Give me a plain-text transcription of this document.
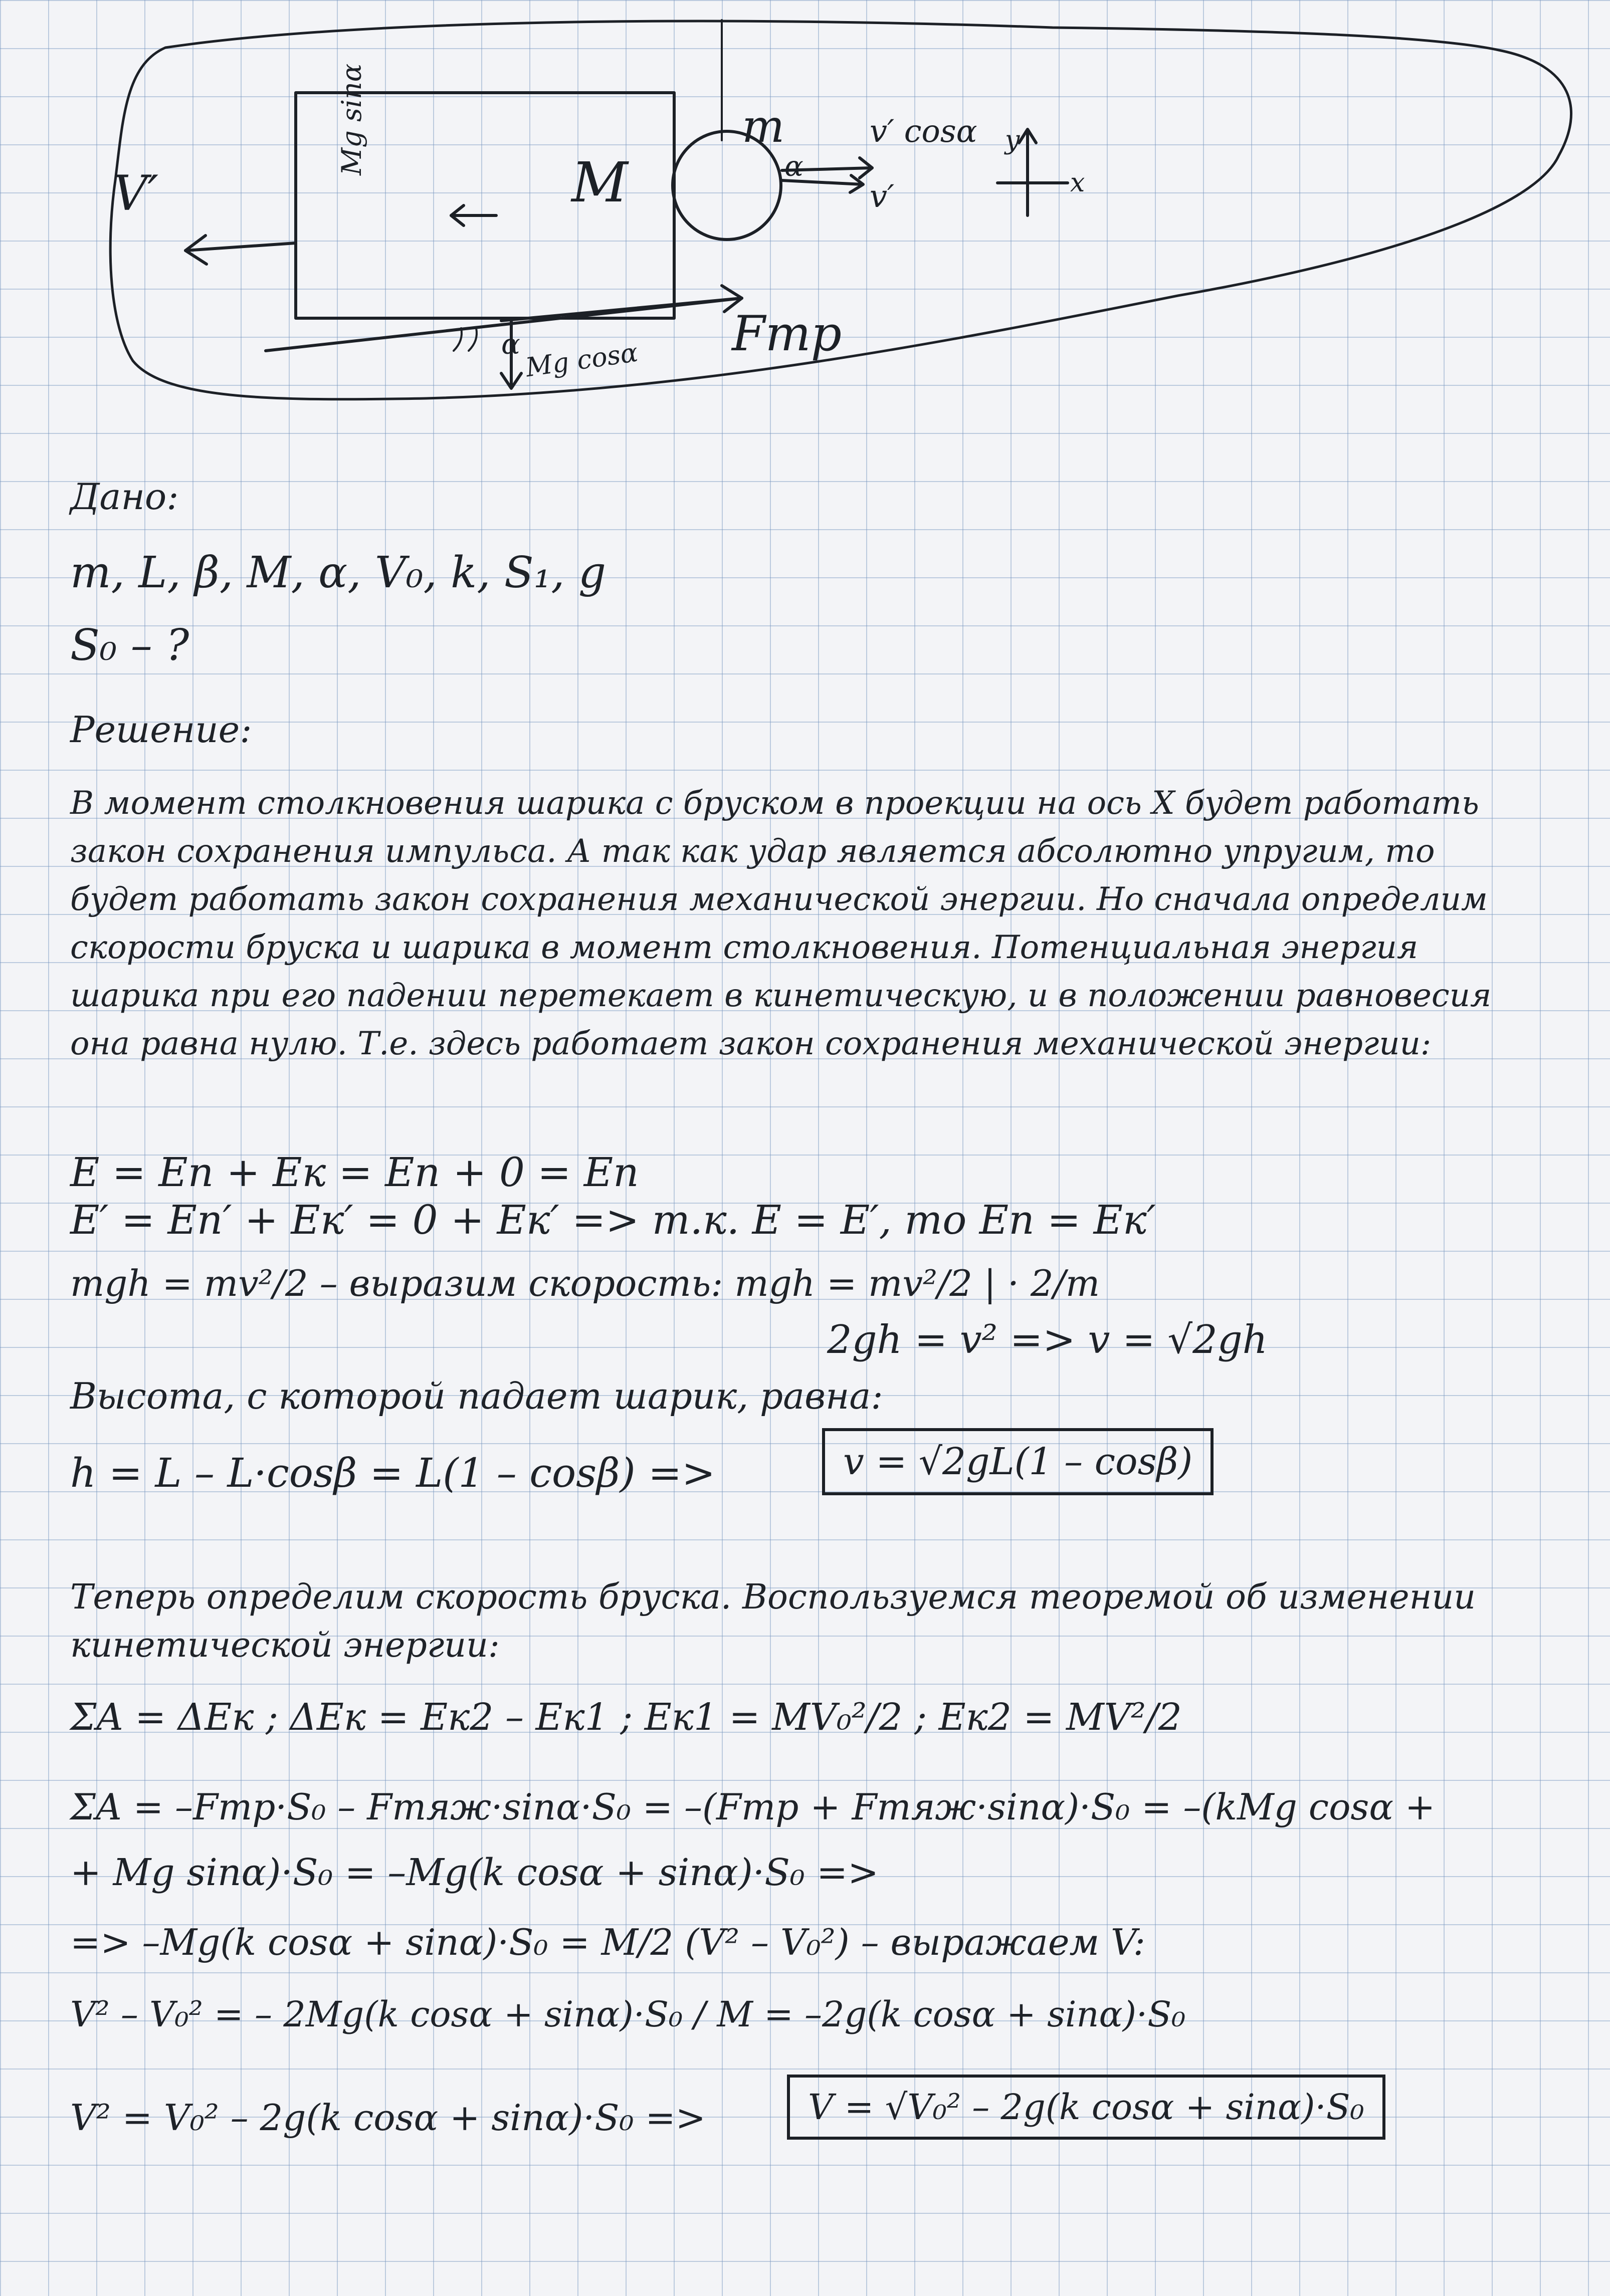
V′
Mg sinα
M
m
α
v′ cosα
v′
y
x
Fтр
α Mg cosα
Дано:
m, L, β, M, α, V₀, k, S₁, g
S₀ – ?
Решение:
В момент столкновения шарика с бруском в проекции на ось X будет работать закон сохранения импульса. А так как удар является абсолютно упругим, то будет работать закон сохранения механической энергии. Но сначала определим скорости бруска и шарика в момент столкновения. Потенциальная энергия шарика при его падении перетекает в кинетическую, и в положении равновесия она равна нулю. Т.е. здесь работает закон сохранения механической энергии:
E = Eп + Eк = Eп + 0 = Eп
E′ = Eп′ + Eк′ = 0 + Eк′ => т.к. E = E′, то Eп = Eк′
mgh = mv²/2 – выразим скорость: mgh = mv²/2 | · 2/m
2gh = v² => v = √2gh
Высота, с которой падает шарик, равна:
h = L – L·cosβ = L(1 – cosβ) =>	v = √2gL(1 – cosβ)
Теперь определим скорость бруска. Воспользуемся теоремой об изменении кинетической энергии:
ΣA = ΔEк ; ΔEк = Eк2 – Eк1 ; Eк1 = MV₀²/2 ; Eк2 = MV²/2
ΣA = –Fтр·S₀ – Fтяж·sinα·S₀ = –(Fтр + Fтяж·sinα)·S₀ = –(kMg cosα +
+ Mg sinα)·S₀ = –Mg(k cosα + sinα)·S₀ =>
=> –Mg(k cosα + sinα)·S₀ = M/2 (V² – V₀²) – выражаем V:
V² – V₀² = – 2Mg(k cosα + sinα)·S₀ / M = –2g(k cosα + sinα)·S₀
V² = V₀² – 2g(k cosα + sinα)·S₀ =>	V = √V₀² – 2g(k cosα + sinα)·S₀
